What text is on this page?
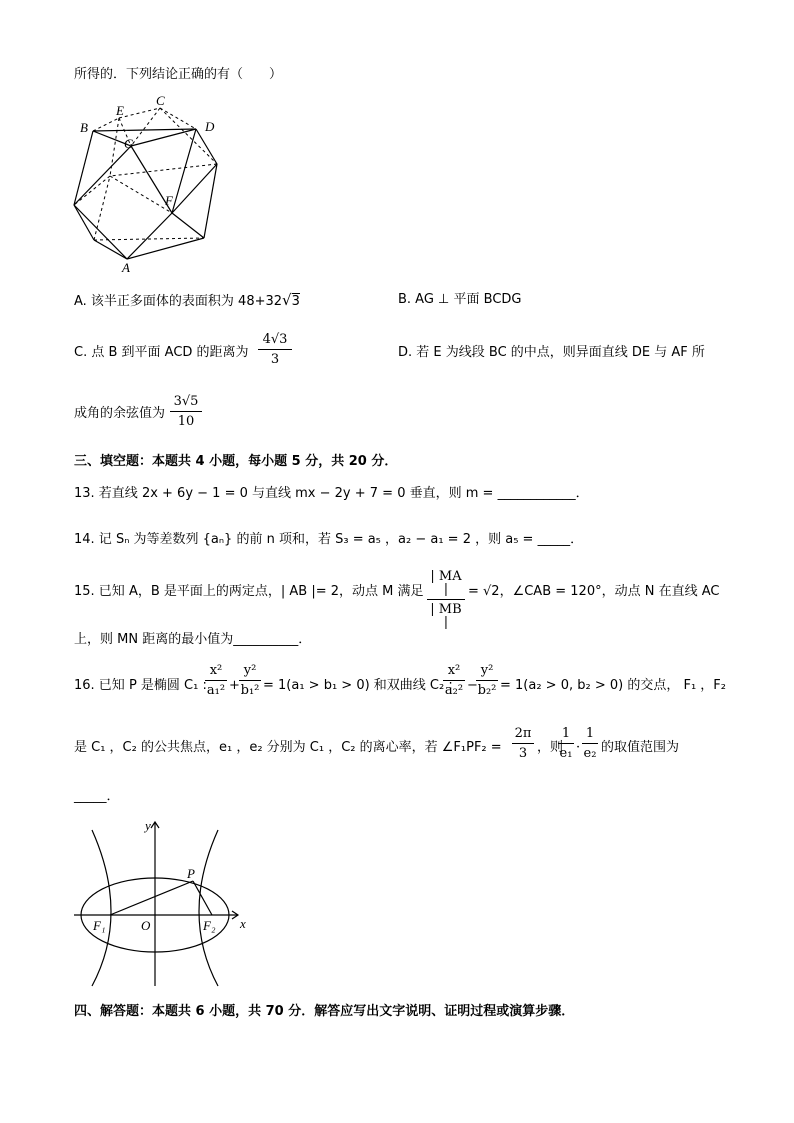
所得的．下列结论正确的有（　　）
B
E
C
D
G
F
A
A. 该半正多面体的表面积为 48+32√3	B. AG ⊥ 平面 BCDG
C. 点 B 到平面 ACD 的距离为
4√3
3	D. 若 E 为线段 BC 的中点，则异面直线 DE 与 AF 所
成角的余弦值为
3√5
10
三、填空题：本题共 4 小题，每小题 5 分，共 20 分．
13. 若直线 2x + 6y − 1 = 0 与直线 mx − 2y + 7 = 0 垂直，则 m = ____________．
14. 记 Sₙ 为等差数列 {aₙ} 的前 n 项和，若 S₃ = a₅ ，a₂ − a₁ = 2 ，则 a₅ = _____．
15. 已知 A，B 是平面上的两定点，| AB |= 2，动点 M 满足
| MA |
| MB |
= √2，∠CAB = 120°，动点 N 在直线 AC
上，则 MN 距离的最小值为__________．
16. 已知 P 是椭圆 C₁ :
x²
a₁² +
y²
b₁² = 1(a₁ > b₁ > 0) 和双曲线 C₂ :
x²
a₂² −
y²
b₂² = 1(a₂ > 0, b₂ > 0) 的交点， F₁ ，F₂
是 C₁ ，C₂ 的公共焦点，e₁ ，e₂ 分别为 C₁ ，C₂ 的离心率，若 ∠F₁PF₂ =
2π
3 ，则
1
e₁ ·
1
e₂ 的取值范围为
_____．
y
x
P
O
F₁	F₂
四、解答题：本题共 6 小题，共 70 分．解答应写出文字说明、证明过程或演算步骤．
